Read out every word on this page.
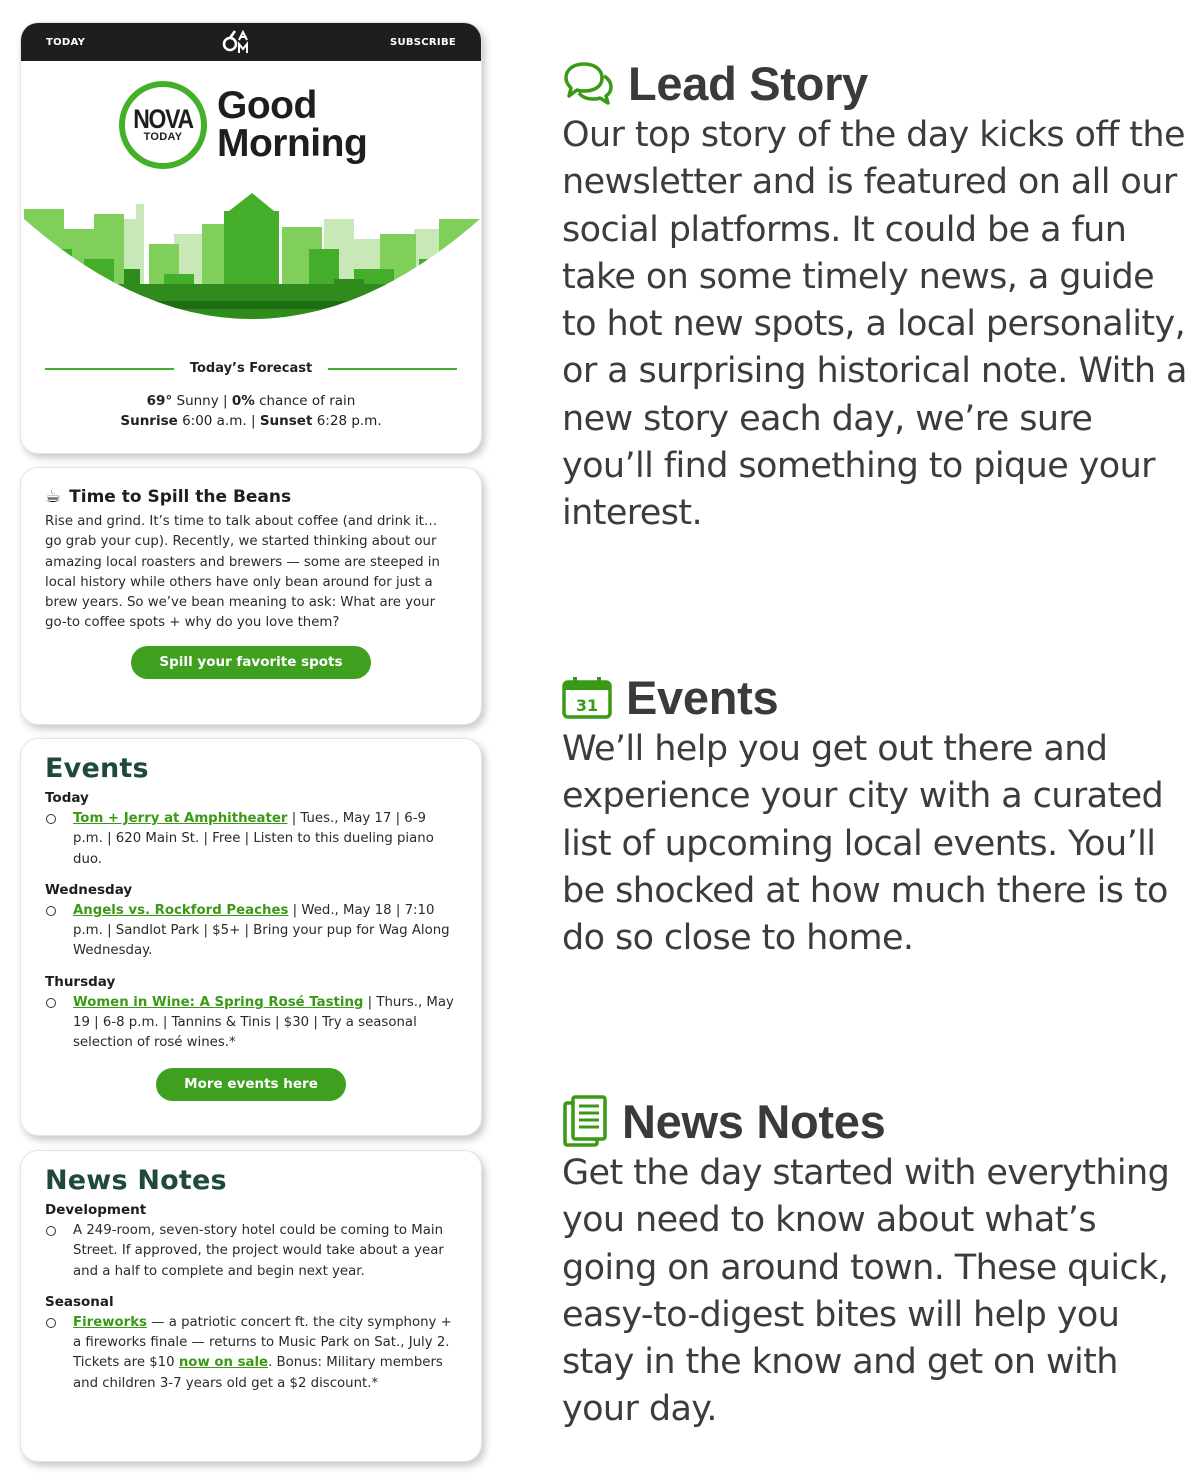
TODAY	SUBSCRIBE
NOVA
TODAY
Good
Morning
Today’s Forecast
69° Sunny | 0% chance of rain
Sunrise 6:00 a.m. | Sunset 6:28 p.m.
☕ Time to Spill the Beans

Rise and grind. It’s time to talk about coffee (and drink it… go grab your cup). Recently, we started thinking about our amazing local roasters and brewers — some are steeped in local history while others have only bean around for just a brew years. So we’ve bean meaning to ask: What are your go-to coffee spots + why do you love them?

Spill your favorite spots
Events
Today
Tom + Jerry at Amphitheater | Tues., May 17 | 6-9 p.m. | 620 Main St. | Free | Listen to this dueling piano duo.
Wednesday
Angels vs. Rockford Peaches | Wed., May 18 | 7:10 p.m. | Sandlot Park | $5+ | Bring your pup for Wag Along Wednesday.
Thursday
Women in Wine: A Spring Rosé Tasting | Thurs., May 19 | 6-8 p.m. | Tannins & Tinis | $30 | Try a seasonal selection of rosé wines.*
More events here
News Notes
Development
A 249-room, seven-story hotel could be coming to Main Street. If approved, the project would take about a year and a half to complete and begin next year.
Seasonal
Fireworks — a patriotic concert ft. the city symphony + a fireworks finale — returns to Music Park on Sat., July 2. Tickets are $10 now on sale. Bonus: Military members and children 3-7 years old get a $2 discount.*
Lead Story

Our top story of the day kicks off the newsletter and is featured on all our social platforms. It could be a fun take on some timely news, a guide to hot new spots, a local personality, or a surprising historical note. With a new story each day, we’re sure you’ll find something to pique your interest.

31 Events

We’ll help you get out there and experience your city with a curated list of upcoming local events. You’ll be shocked at how much there is to do so close to home.

News Notes

Get the day started with everything you need to know about what’s going on around town. These quick, easy-to-digest bites will help you stay in the know and get on with your day.
